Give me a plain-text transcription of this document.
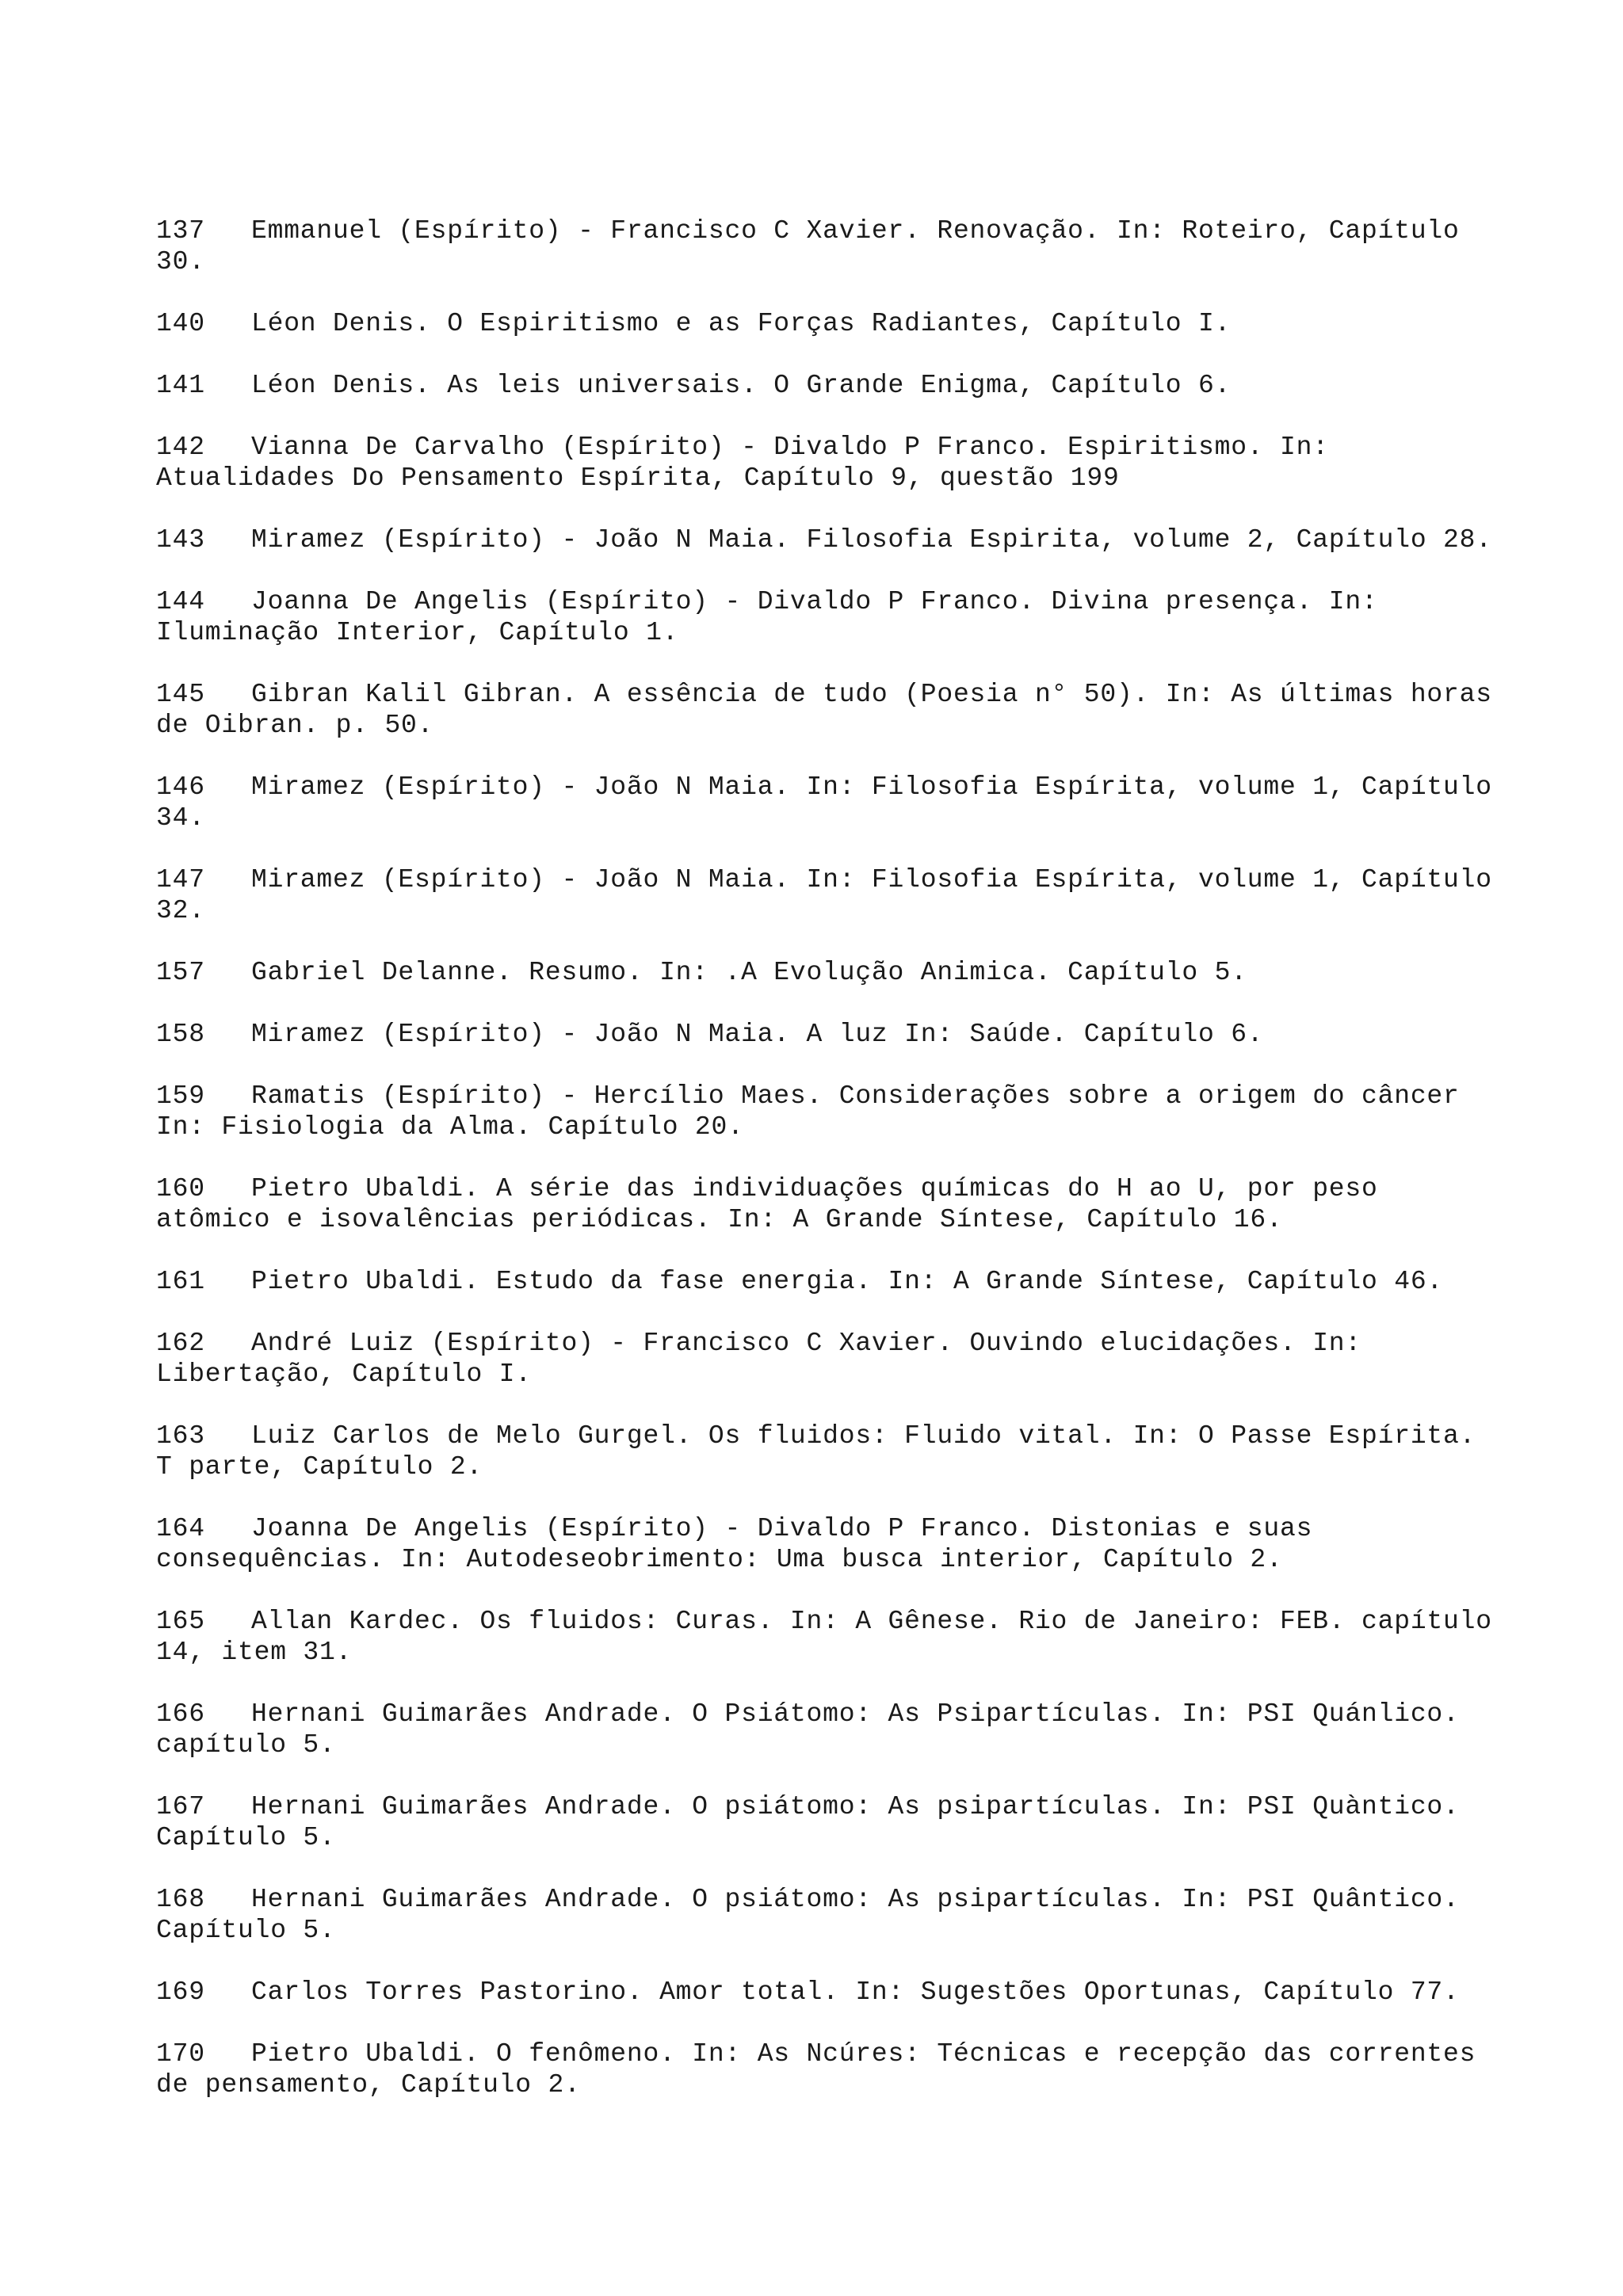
137 Emmanuel (Espírito) - Francisco C Xavier. Renovação. In: Roteiro, Capítulo 30.
140 Léon Denis. O Espiritismo e as Forças Radiantes, Capítulo I.
141 Léon Denis. As leis universais. O Grande Enigma, Capítulo 6.
142 Vianna De Carvalho (Espírito) - Divaldo P Franco. Espiritismo. In: Atualidades Do Pensamento Espírita, Capítulo 9, questão 199
143 Miramez (Espírito) - João N Maia. Filosofia Espirita, volume 2, Capítulo 28.
144 Joanna De Angelis (Espírito) - Divaldo P Franco. Divina presença. In: Iluminação Interior, Capítulo 1.
145 Gibran Kalil Gibran. A essência de tudo (Poesia n° 50). In: As últimas horas de Oibran. p. 50.
146 Miramez (Espírito) - João N Maia. In: Filosofia Espírita, volume 1, Capítulo 34.
147 Miramez (Espírito) - João N Maia. In: Filosofia Espírita, volume 1, Capítulo 32.
157 Gabriel Delanne. Resumo. In: .A Evolução Animica. Capítulo 5.
158 Miramez (Espírito) - João N Maia. A luz In: Saúde. Capítulo 6.
159 Ramatis (Espírito) - Hercílio Maes. Considerações sobre a origem do câncer In: Fisiologia da Alma. Capítulo 20.
160 Pietro Ubaldi. A série das individuações químicas do H ao U, por peso atômico e isovalências periódicas. In: A Grande Síntese, Capítulo 16.
161 Pietro Ubaldi. Estudo da fase energia. In: A Grande Síntese, Capítulo 46.
162 André Luiz (Espírito) - Francisco C Xavier. Ouvindo elucidações. In: Libertação, Capítulo I.
163 Luiz Carlos de Melo Gurgel. Os fluidos: Fluido vital. In: O Passe Espírita. T parte, Capítulo 2.
164 Joanna De Angelis (Espírito) - Divaldo P Franco. Distonias e suas consequências. In: Autodeseobrimento: Uma busca interior, Capítulo 2.
165 Allan Kardec. Os fluidos: Curas. In: A Gênese. Rio de Janeiro: FEB. capítulo 14, item 31.
166 Hernani Guimarães Andrade. O Psiátomo: As Psipartículas. In: PSI Quánlico. capítulo 5.
167 Hernani Guimarães Andrade. O psiátomo: As psipartículas. In: PSI Quàntico. Capítulo 5.
168 Hernani Guimarães Andrade. O psiátomo: As psipartículas. In: PSI Quântico. Capítulo 5.
169 Carlos Torres Pastorino. Amor total. In: Sugestões Oportunas, Capítulo 77.
170 Pietro Ubaldi. O fenômeno. In: As Ncúres: Técnicas e recepção das correntes de pensamento, Capítulo 2.
